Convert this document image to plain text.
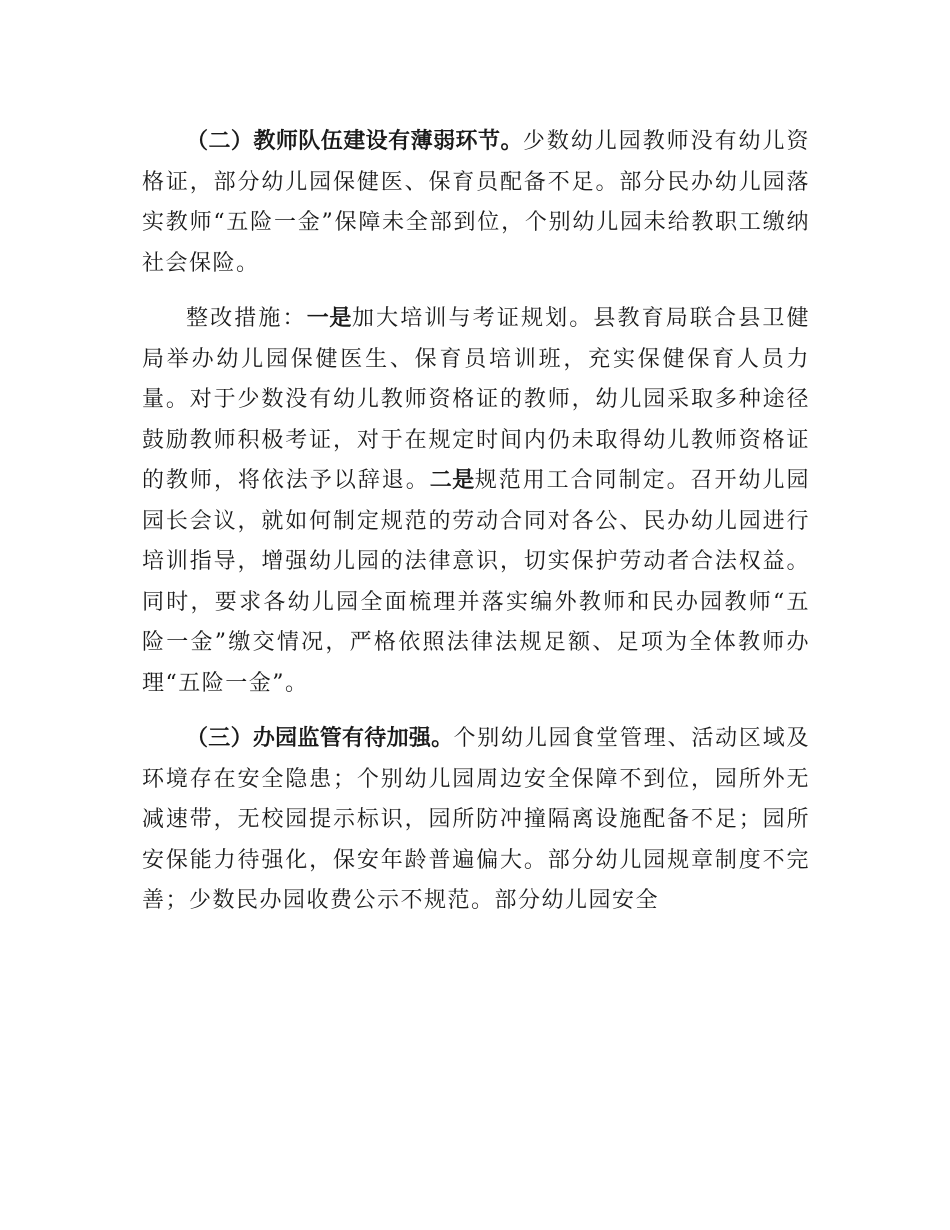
（二）教师队伍建设有薄弱环节。少数幼儿园教师没有幼儿资格证，部分幼儿园保健医、保育员配备不足。部分民办幼儿园落实教师“五险一金”保障未全部到位，个别幼儿园未给教职工缴纳社会保险。

整改措施：一是加大培训与考证规划。县教育局联合县卫健局举办幼儿园保健医生、保育员培训班，充实保健保育人员力量。对于少数没有幼儿教师资格证的教师，幼儿园采取多种途径鼓励教师积极考证，对于在规定时间内仍未取得幼儿教师资格证的教师，将依法予以辞退。二是规范用工合同制定。召开幼儿园园长会议，就如何制定规范的劳动合同对各公、民办幼儿园进行培训指导，增强幼儿园的法律意识，切实保护劳动者合法权益。同时，要求各幼儿园全面梳理并落实编外教师和民办园教师“五险一金”缴交情况，严格依照法律法规足额、足项为全体教师办理“五险一金”。

（三）办园监管有待加强。个别幼儿园食堂管理、活动区域及环境存在安全隐患；个别幼儿园周边安全保障不到位，园所外无减速带，无校园提示标识，园所防冲撞隔离设施配备不足；园所安保能力待强化，保安年龄普遍偏大。部分幼儿园规章制度不完善；少数民办园收费公示不规范。部分幼儿园安全
